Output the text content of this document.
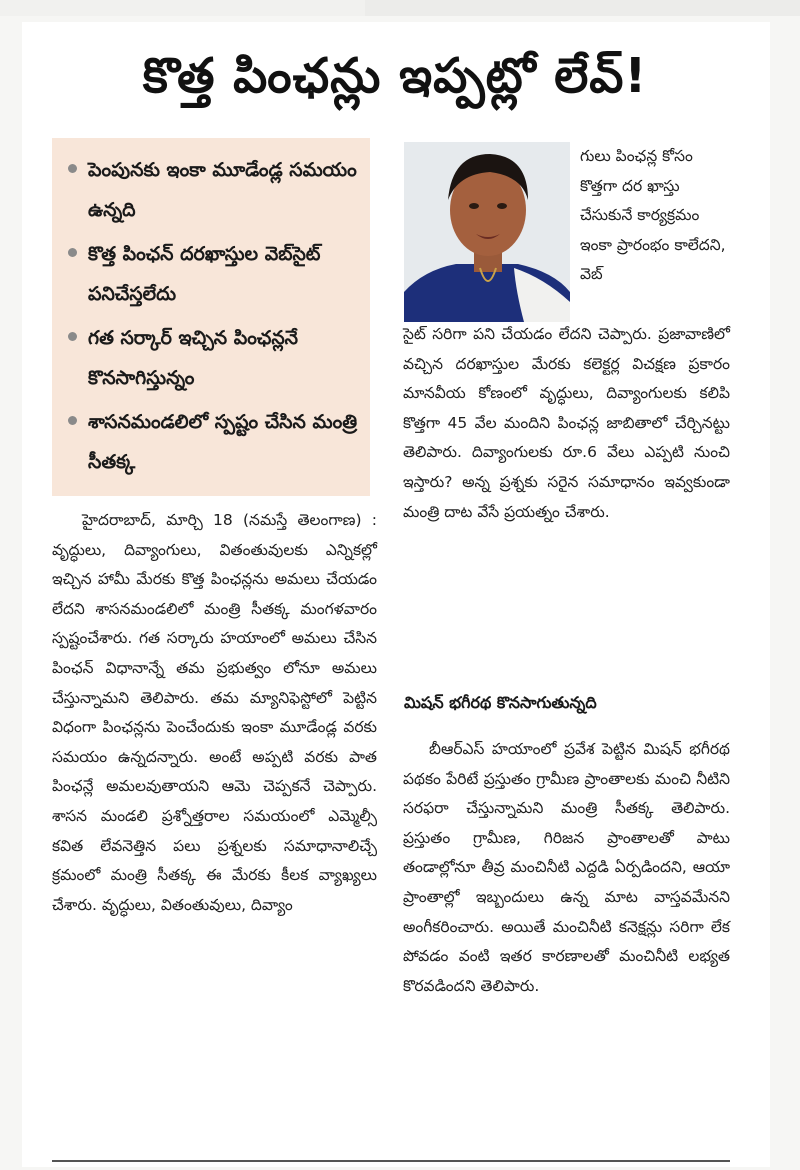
కొత్త పింఛన్లు ఇప్పట్లో లేవ్‌!
పెంపునకు ఇంకా మూడేండ్ల సమయం ఉన్నది
కొత్త పింఛన్‌ దరఖాస్తుల వెబ్‌సైట్‌ పనిచేస్తలేదు
గత సర్కార్‌ ఇచ్చిన పింఛన్లనే కొనసాగిస్తున్నం
శాసనమండలిలో స్పష్టం చేసిన మంత్రి సీతక్క

హైదరాబాద్‌, మార్చి 18 (నమస్తే తెలంగాణ) : వృద్ధులు, దివ్యాంగులు, వితంతువులకు ఎన్నికల్లో ఇచ్చిన హామీ మేరకు కొత్త పింఛన్లను అమలు చేయడం లేదని శాసనమండలిలో మంత్రి సీతక్క మంగళవారం స్పష్టంచేశారు. గత సర్కారు హయాంలో అమలు చేసిన పింఛన్‌ విధానాన్నే తమ ప్రభుత్వం లోనూ అమలు చేస్తున్నామని తెలిపారు. తమ మ్యానిఫెస్టోలో పెట్టిన విధంగా పింఛన్లను పెంచేందుకు ఇంకా మూడేండ్ల వరకు సమయం ఉన్నదన్నారు. అంటే అప్పటి వరకు పాత పింఛన్లే అమలవుతాయని ఆమె చెప్పకనే చెప్పారు. శాసన మండలి ప్రశ్నోత్తరాల సమయంలో ఎమ్మెల్సీ కవిత లేవనెత్తిన పలు ప్రశ్నలకు సమాధానాలిచ్చే క్రమంలో మంత్రి సీతక్క ఈ మేరకు కీలక వ్యాఖ్యలు చేశారు. వృద్ధులు, వితంతువులు, దివ్యాం

గులు పింఛన్ల కోసం కొత్తగా దర ఖాస్తు చేసుకునే కార్యక్రమం ఇంకా ప్రారంభం కాలేదని, వెబ్‌

సైట్‌ సరిగా పని చేయడం లేదని చెప్పారు. ప్రజావాణిలో వచ్చిన దరఖాస్తుల మేరకు కలెక్టర్ల విచక్షణ ప్రకారం మానవీయ కోణంలో వృద్ధులు, దివ్యాంగులకు కలిపి కొత్తగా 45 వేల మందిని పింఛన్ల జాబితాలో చేర్చినట్టు తెలిపారు. దివ్యాంగులకు రూ.6 వేలు ఎప్పటి నుంచి ఇస్తారు? అన్న ప్రశ్నకు సరైన సమాధానం ఇవ్వకుండా మంత్రి దాట వేసే ప్రయత్నం చేశారు.

మిషన్‌ భగీరథ కొనసాగుతున్నది

బీఆర్‌ఎస్‌ హయాంలో ప్రవేశ పెట్టిన మిషన్‌ భగీరథ పథకం పేరిటే ప్రస్తుతం గ్రామీణ ప్రాంతాలకు మంచి నీటిని సరఫరా చేస్తున్నామని మంత్రి సీతక్క తెలిపారు. ప్రస్తుతం గ్రామీణ, గిరిజన ప్రాంతాలతో పాటు తండాల్లోనూ తీవ్ర మంచినీటి ఎద్దడి ఏర్పడిందని, ఆయా ప్రాంతాల్లో ఇబ్బందులు ఉన్న మాట వాస్తవమేనని అంగీకరించారు. అయితే మంచినీటి కనెక్షన్లు సరిగా లేక పోవడం వంటి ఇతర కారణాలతో మంచినీటి లభ్యత కొరవడిందని తెలిపారు.
